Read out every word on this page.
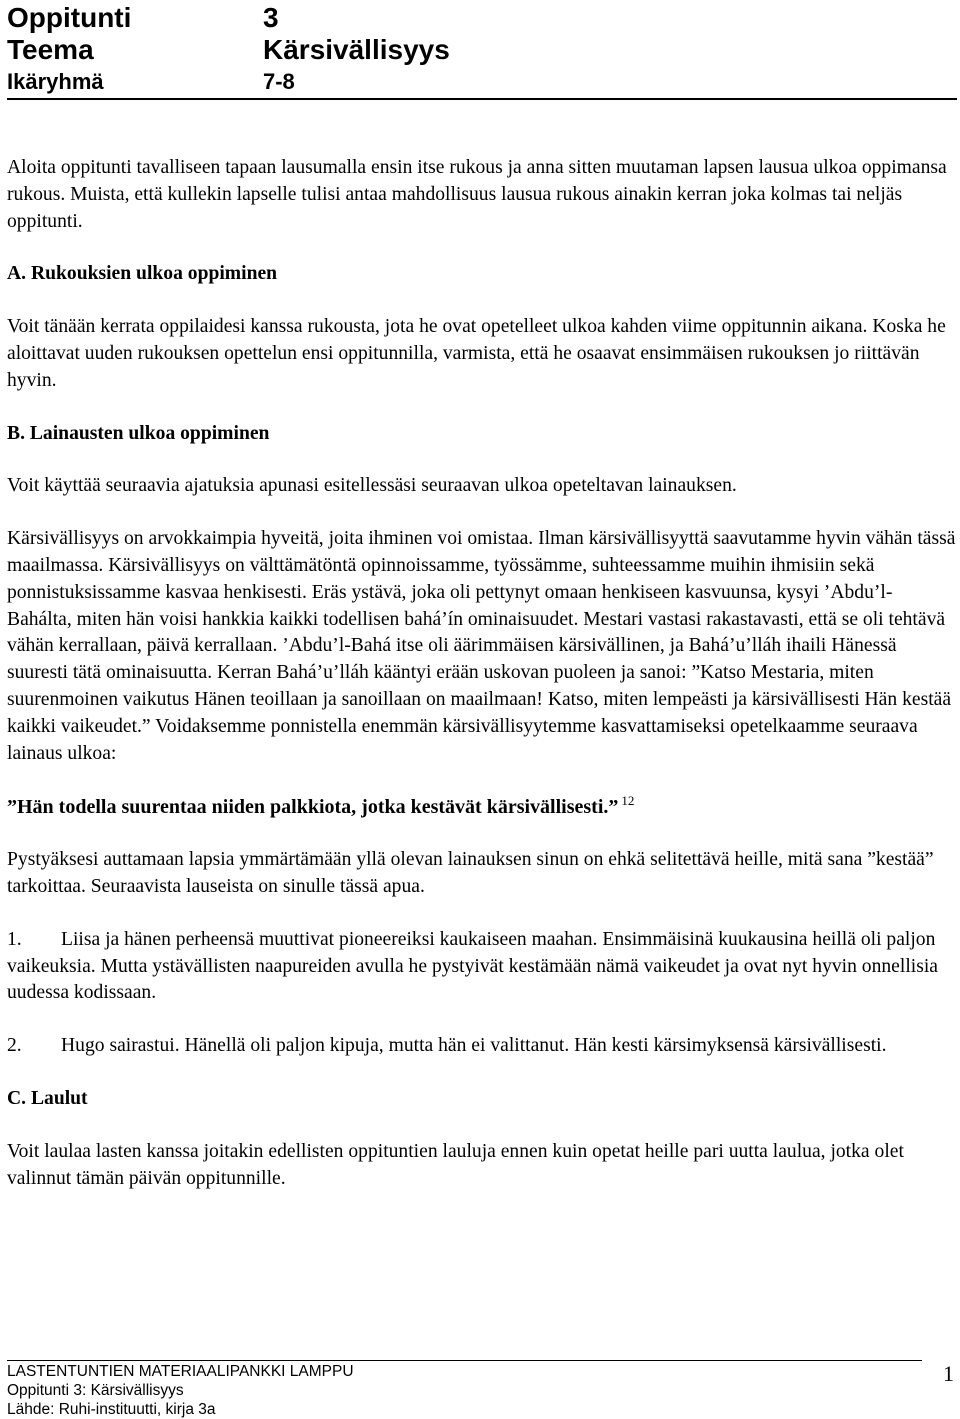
Oppitunti	3
Teema	Kärsivällisyys
Ikäryhmä	7-8

Aloita oppitunti tavalliseen tapaan lausumalla ensin itse rukous ja anna sitten muutaman lapsen lausua ulkoa oppimansa rukous. Muista, että kullekin lapselle tulisi antaa mahdollisuus lausua rukous ainakin kerran joka kolmas tai neljäs oppitunti.

A. Rukouksien ulkoa oppiminen

Voit tänään kerrata oppilaidesi kanssa rukousta, jota he ovat opetelleet ulkoa kahden viime oppitunnin aikana. Koska he aloittavat uuden rukouksen opettelun ensi oppitunnilla, varmista, että he osaavat ensimmäisen rukouksen jo riittävän hyvin.

B. Lainausten ulkoa oppiminen

Voit käyttää seuraavia ajatuksia apunasi esitellessäsi seuraavan ulkoa opeteltavan lainauksen.

Kärsivällisyys on arvokkaimpia hyveitä, joita ihminen voi omistaa. Ilman kärsivällisyyttä saavutamme hyvin vähän tässä maailmassa. Kärsivällisyys on välttämätöntä opinnoissamme, työssämme, suhteessamme muihin ihmisiin sekä ponnistuksissamme kasvaa henkisesti. Eräs ystävä, joka oli pettynyt omaan henkiseen kasvuunsa, kysyi ’Abdu’l-Bahálta, miten hän voisi hankkia kaikki todellisen bahá’ín ominaisuudet. Mestari vastasi rakastavasti, että se oli tehtävä vähän kerrallaan, päivä kerrallaan. ’Abdu’l-Bahá itse oli äärimmäisen kärsivällinen, ja Bahá’u’lláh ihaili Hänessä suuresti tätä ominaisuutta. Kerran Bahá’u’lláh kääntyi erään uskovan puoleen ja sanoi: ”Katso Mestaria, miten suurenmoinen vaikutus Hänen teoillaan ja sanoillaan on maailmaan! Katso, miten lempeästi ja kärsivällisesti Hän kestää kaikki vaikeudet.” Voidaksemme ponnistella enemmän kärsivällisyytemme kasvattamiseksi opetelkaamme seuraava lainaus ulkoa:

”Hän todella suurentaa niiden palkkiota, jotka kestävät kärsivällisesti.” $^{12}$

Pystyäksesi auttamaan lapsia ymmärtämään yllä olevan lainauksen sinun on ehkä selitettävä heille, mitä sana ”kestää” tarkoittaa. Seuraavista lauseista on sinulle tässä apua.

1. Liisa ja hänen perheensä muuttivat pioneereiksi kaukaiseen maahan. Ensimmäisinä kuukausina heillä oli paljon vaikeuksia. Mutta ystävällisten naapureiden avulla he pystyivät kestämään nämä vaikeudet ja ovat nyt hyvin onnellisia uudessa kodissaan.

2. Hugo sairastui. Hänellä oli paljon kipuja, mutta hän ei valittanut. Hän kesti kärsimyksensä kärsivällisesti.

C. Laulut

Voit laulaa lasten kanssa joitakin edellisten oppituntien lauluja ennen kuin opetat heille pari uutta laulua, jotka olet valinnut tämän päivän oppitunnille.

LASTENTUNTIEN MATERIAALIPANKKI LAMPPU
Oppitunti 3: Kärsivällisyys
Lähde: Ruhi-instituutti, kirja 3a
1
